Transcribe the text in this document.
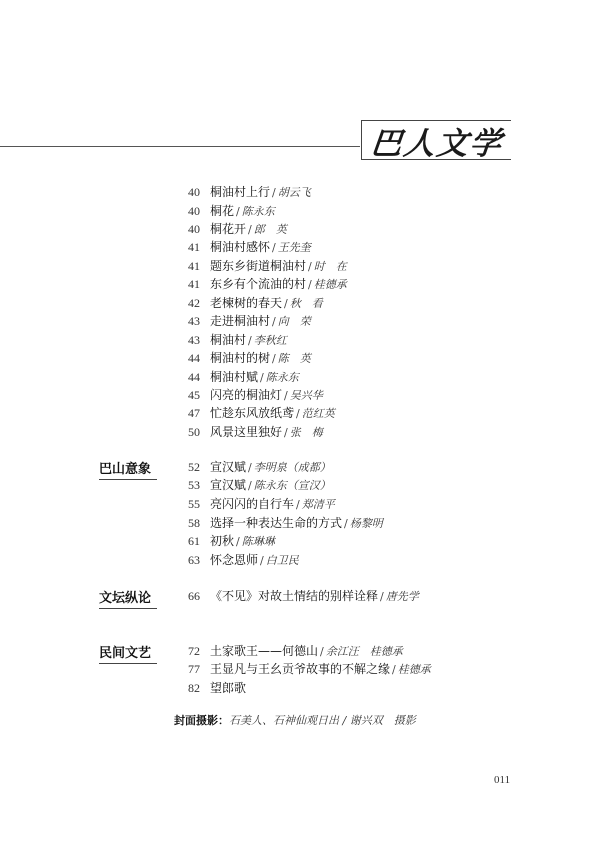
巴人文学
巴山意象
文坛纵论
民间文艺
40 桐油村上行 / 胡云飞
40 桐花 / 陈永东
40 桐花开 / 郎　英
41 桐油村感怀 / 王先奎
41 题东乡街道桐油村 / 时　在
41 东乡有个流油的村 / 桂德承
42 老楝树的春天 / 秋　看
43 走进桐油村 / 向　荣
43 桐油村 / 李秋红
44 桐油村的树 / 陈　英
44 桐油村赋 / 陈永东
45 闪亮的桐油灯 / 吴兴华
47 忙趁东风放纸鸢 / 范红英
50 风景这里独好 / 张　梅
52 宣汉赋 / 李明泉（成都）
53 宣汉赋 / 陈永东（宣汉）
55 亮闪闪的自行车 / 郑清平
58 选择一种表达生命的方式 / 杨黎明
61 初秋 / 陈琳琳
63 怀念恩师 / 白卫民
66 《不见》对故土情结的别样诠释 / 唐先学
72 土家歌王——何德山 / 余江汪　桂德承
77 王显凡与王幺贡爷故事的不解之缘 / 桂德承
82 望郎歌
封面摄影：石美人、石神仙观日出 / 谢兴双　摄影
011
